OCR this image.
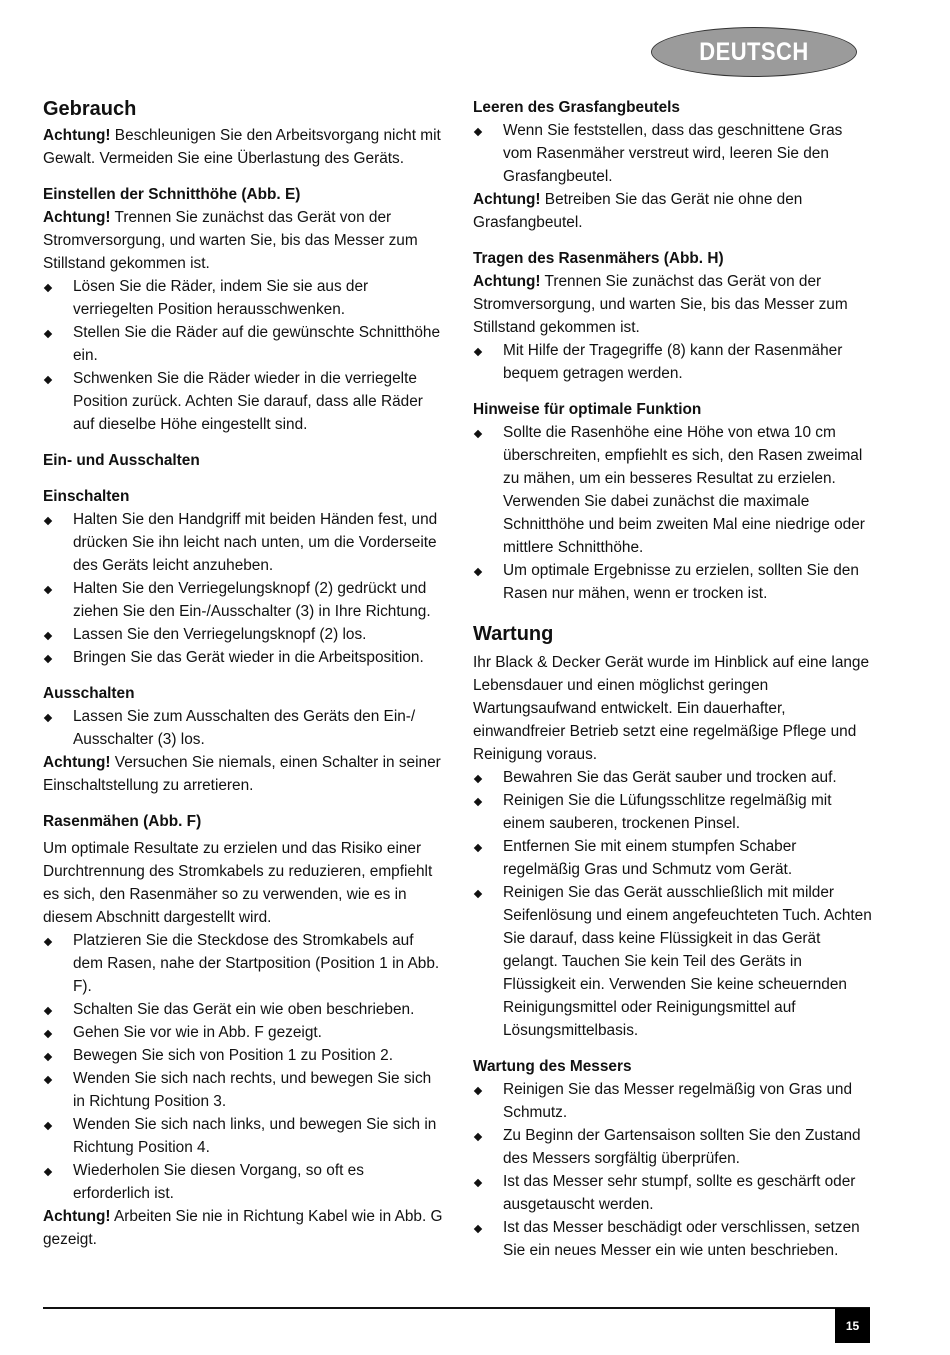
DEUTSCH
Gebrauch

Achtung! Beschleunigen Sie den Arbeitsvorgang nicht mit Gewalt. Vermeiden Sie eine Überlastung des Geräts.

Einstellen der Schnitthöhe (Abb. E)

Achtung! Trennen Sie zunächst das Gerät von der Stromversorgung, und warten Sie, bis das Messer zum Stillstand gekommen ist.

Lösen Sie die Räder, indem Sie sie aus der verriegelten Position herausschwenken.
Stellen Sie die Räder auf die gewünschte Schnitthöhe ein.
Schwenken Sie die Räder wieder in die verriegelte Position zurück. Achten Sie darauf, dass alle Räder auf dieselbe Höhe eingestellt sind.
Ein- und Ausschalten
Einschalten
Halten Sie den Handgriff mit beiden Händen fest, und drücken Sie ihn leicht nach unten, um die Vorderseite des Geräts leicht anzuheben.
Halten Sie den Verriegelungsknopf (2) gedrückt und ziehen Sie den Ein-/Ausschalter (3) in Ihre Richtung.
Lassen Sie den Verriegelungsknopf (2) los.
Bringen Sie das Gerät wieder in die Arbeitsposition.
Ausschalten
Lassen Sie zum Ausschalten des Geräts den Ein-/ Ausschalter (3) los.

Achtung! Versuchen Sie niemals, einen Schalter in seiner Einschaltstellung zu arretieren.

Rasenmähen (Abb. F)

Um optimale Resultate zu erzielen und das Risiko einer Durchtrennung des Stromkabels zu reduzieren, empfiehlt es sich, den Rasenmäher so zu verwenden, wie es in diesem Abschnitt dargestellt wird.

Platzieren Sie die Steckdose des Stromkabels auf dem Rasen, nahe der Startposition (Position 1 in Abb. F).
Schalten Sie das Gerät ein wie oben beschrieben.
Gehen Sie vor wie in Abb. F gezeigt.
Bewegen Sie sich von Position 1 zu Position 2.
Wenden Sie sich nach rechts, und bewegen Sie sich in Richtung Position 3.
Wenden Sie sich nach links, und bewegen Sie sich in Richtung Position 4.
Wiederholen Sie diesen Vorgang, so oft es erforderlich ist.

Achtung! Arbeiten Sie nie in Richtung Kabel wie in Abb. G gezeigt.

Leeren des Grasfangbeutels
Wenn Sie feststellen, dass das geschnittene Gras vom Rasenmäher verstreut wird, leeren Sie den Grasfangbeutel.

Achtung! Betreiben Sie das Gerät nie ohne den Grasfangbeutel.

Tragen des Rasenmähers (Abb. H)

Achtung! Trennen Sie zunächst das Gerät von der Stromversorgung, und warten Sie, bis das Messer zum Stillstand gekommen ist.

Mit Hilfe der Tragegriffe (8) kann der Rasenmäher bequem getragen werden.
Hinweise für optimale Funktion
Sollte die Rasenhöhe eine Höhe von etwa 10 cm überschreiten, empfiehlt es sich, den Rasen zweimal zu mähen, um ein besseres Resultat zu erzielen. Verwenden Sie dabei zunächst die maximale Schnitthöhe und beim zweiten Mal eine niedrige oder mittlere Schnitthöhe.
Um optimale Ergebnisse zu erzielen, sollten Sie den Rasen nur mähen, wenn er trocken ist.
Wartung

Ihr Black & Decker Gerät wurde im Hinblick auf eine lange Lebensdauer und einen möglichst geringen Wartungsaufwand entwickelt. Ein dauerhafter, einwandfreier Betrieb setzt eine regelmäßige Pflege und Reinigung voraus.

Bewahren Sie das Gerät sauber und trocken auf.
Reinigen Sie die Lüfungsschlitze regelmäßig mit einem sauberen, trockenen Pinsel.
Entfernen Sie mit einem stumpfen Schaber regelmäßig Gras und Schmutz vom Gerät.
Reinigen Sie das Gerät ausschließlich mit milder Seifenlösung und einem angefeuchteten Tuch. Achten Sie darauf, dass keine Flüssigkeit in das Gerät gelangt. Tauchen Sie kein Teil des Geräts in Flüssigkeit ein. Verwenden Sie keine scheuernden Reinigungsmittel oder Reinigungsmittel auf Lösungsmittelbasis.
Wartung des Messers
Reinigen Sie das Messer regelmäßig von Gras und Schmutz.
Zu Beginn der Gartensaison sollten Sie den Zustand des Messers sorgfältig überprüfen.
Ist das Messer sehr stumpf, sollte es geschärft oder ausgetauscht werden.
Ist das Messer beschädigt oder verschlissen, setzen Sie ein neues Messer ein wie unten beschrieben.
15
